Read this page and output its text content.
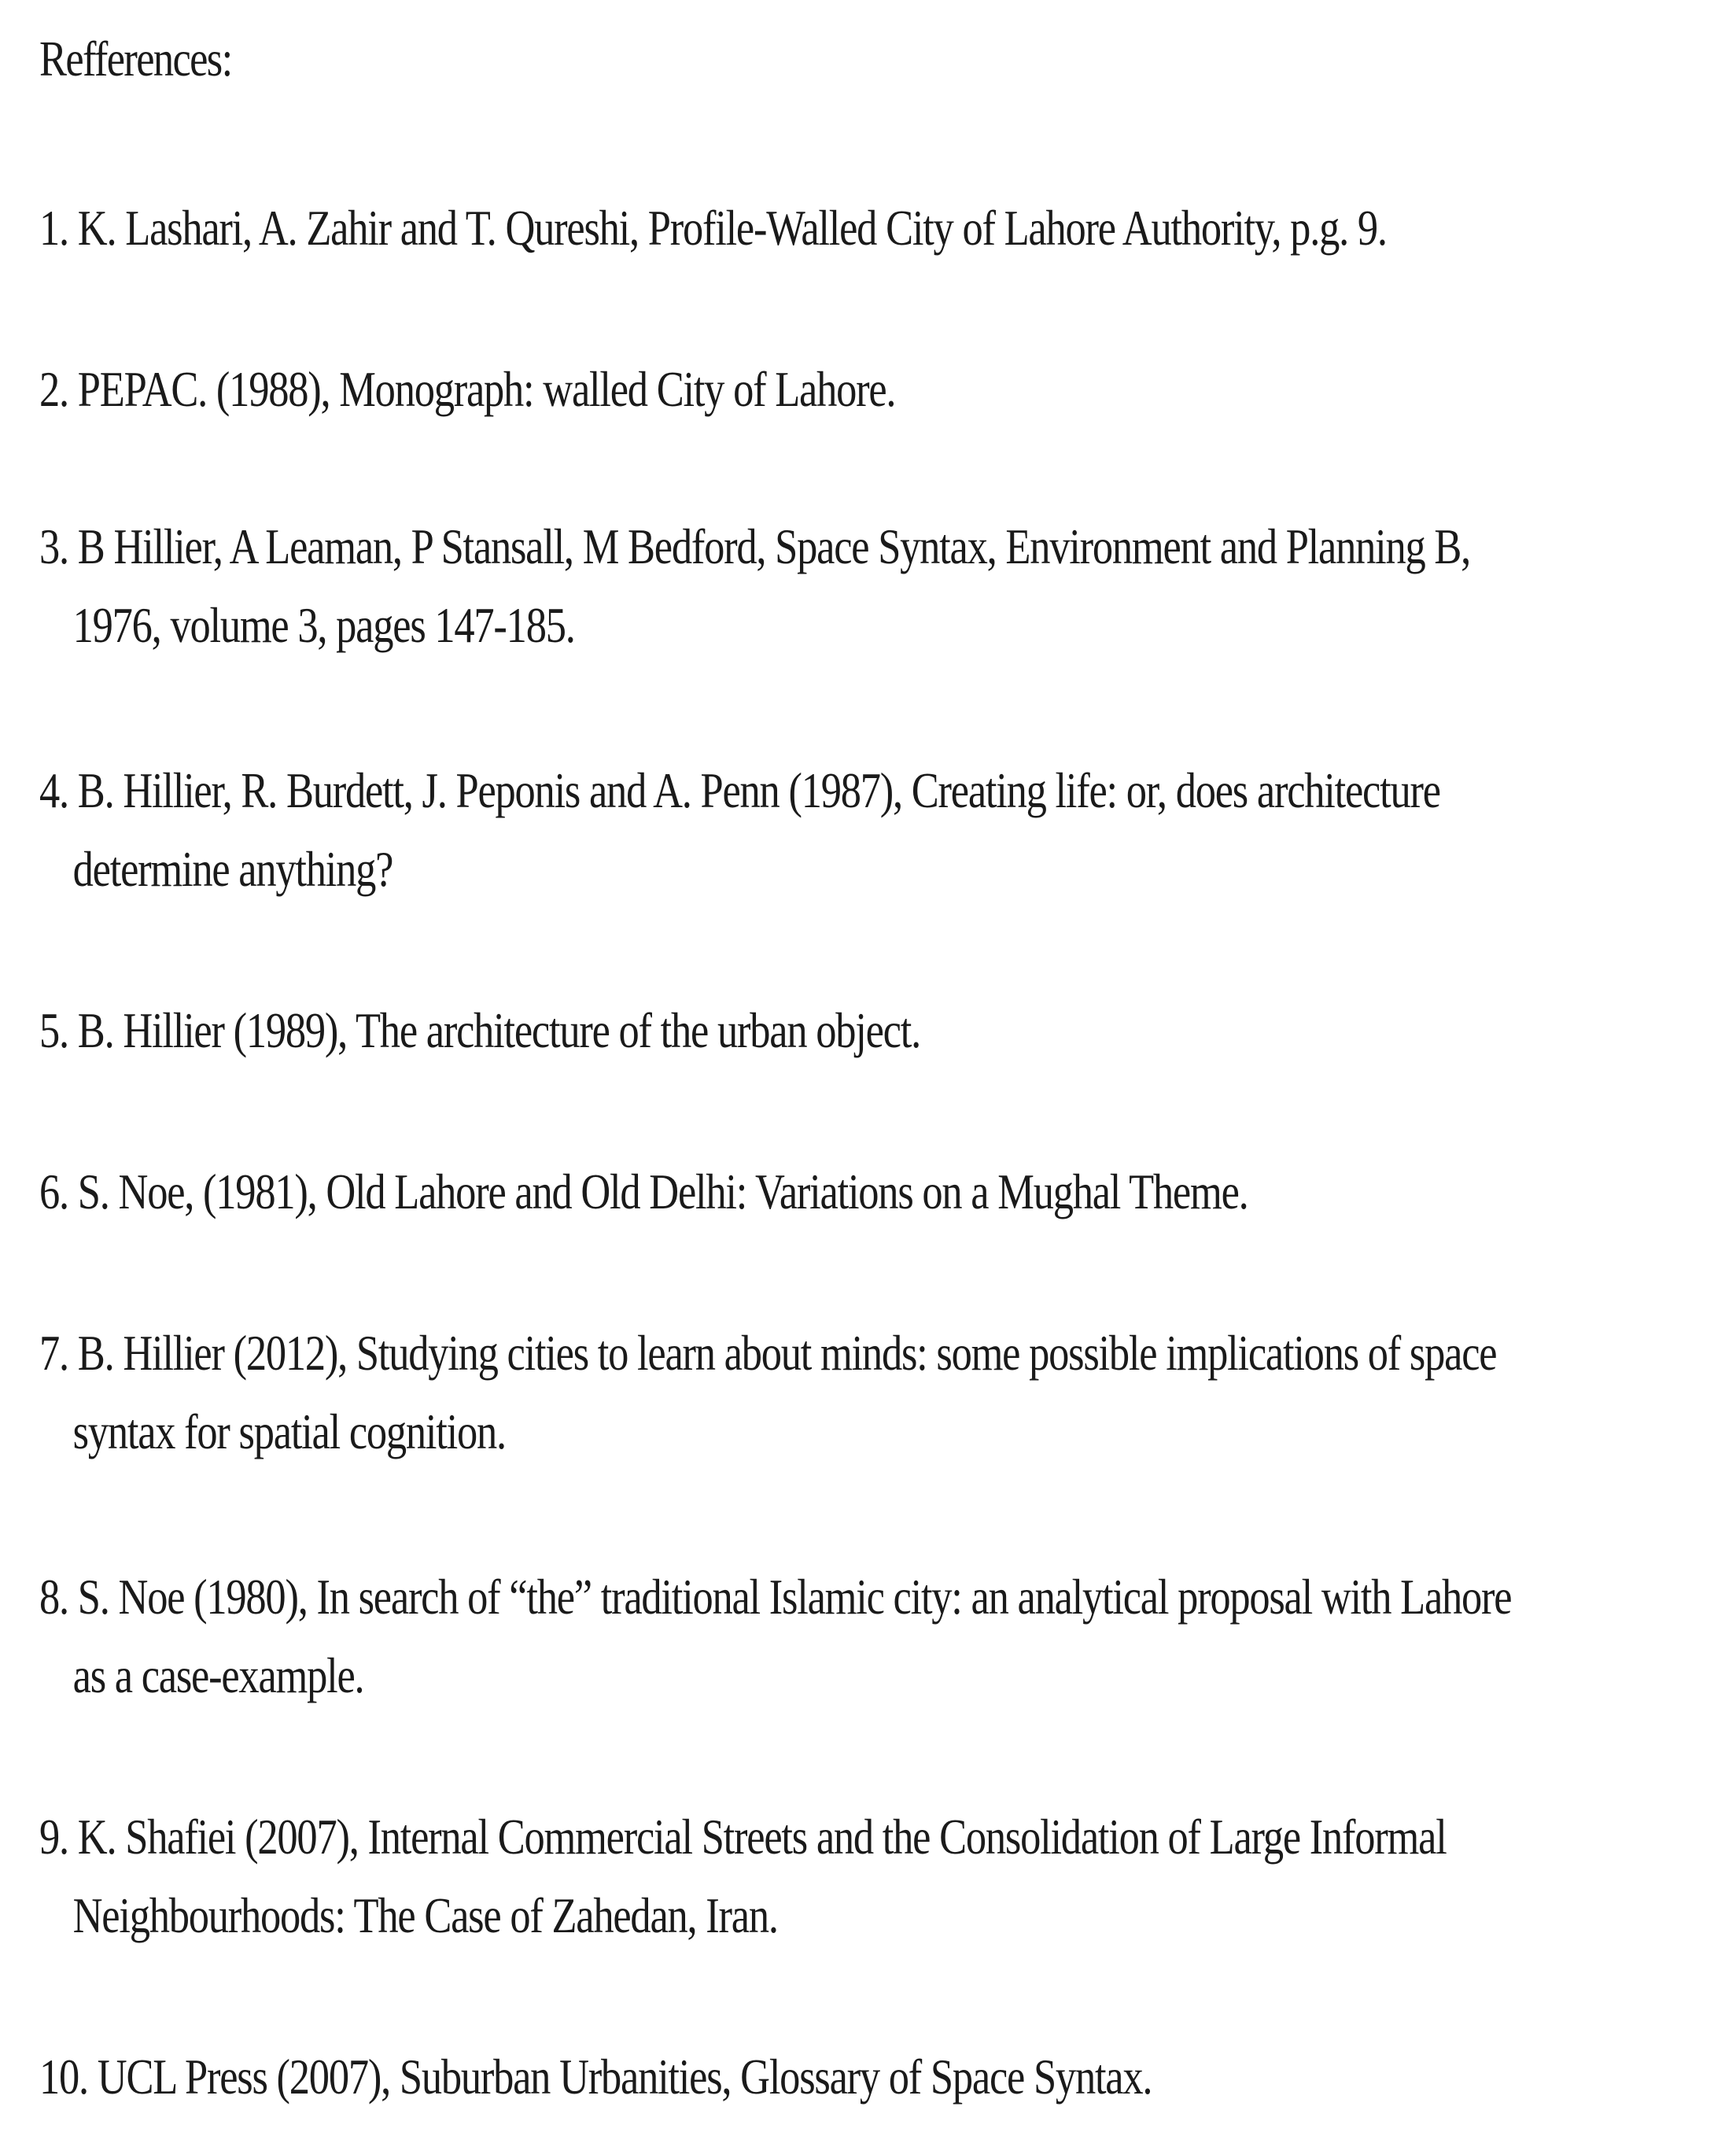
Refferences:
1. K. Lashari, A. Zahir and T. Qureshi, Profile-Walled City of Lahore Authority, p.g. 9.
2. PEPAC. (1988), Monograph: walled City of Lahore.
3. B Hillier, A Leaman, P Stansall, M Bedford, Space Syntax, Environment and Planning B,
1976, volume 3, pages 147-185.
4. B. Hillier, R. Burdett, J. Peponis and A. Penn (1987), Creating life: or, does architecture
determine anything?
5. B. Hillier (1989), The architecture of the urban object.
6. S. Noe, (1981), Old Lahore and Old Delhi: Variations on a Mughal Theme.
7. B. Hillier (2012), Studying cities to learn about minds: some possible implications of space
syntax for spatial cognition.
8. S. Noe (1980), In search of “the” traditional Islamic city: an analytical proposal with Lahore
as a case-example.
9. K. Shafiei (2007), Internal Commercial Streets and the Consolidation of Large Informal
Neighbourhoods: The Case of Zahedan, Iran.
10. UCL Press (2007), Suburban Urbanities, Glossary of Space Syntax.
